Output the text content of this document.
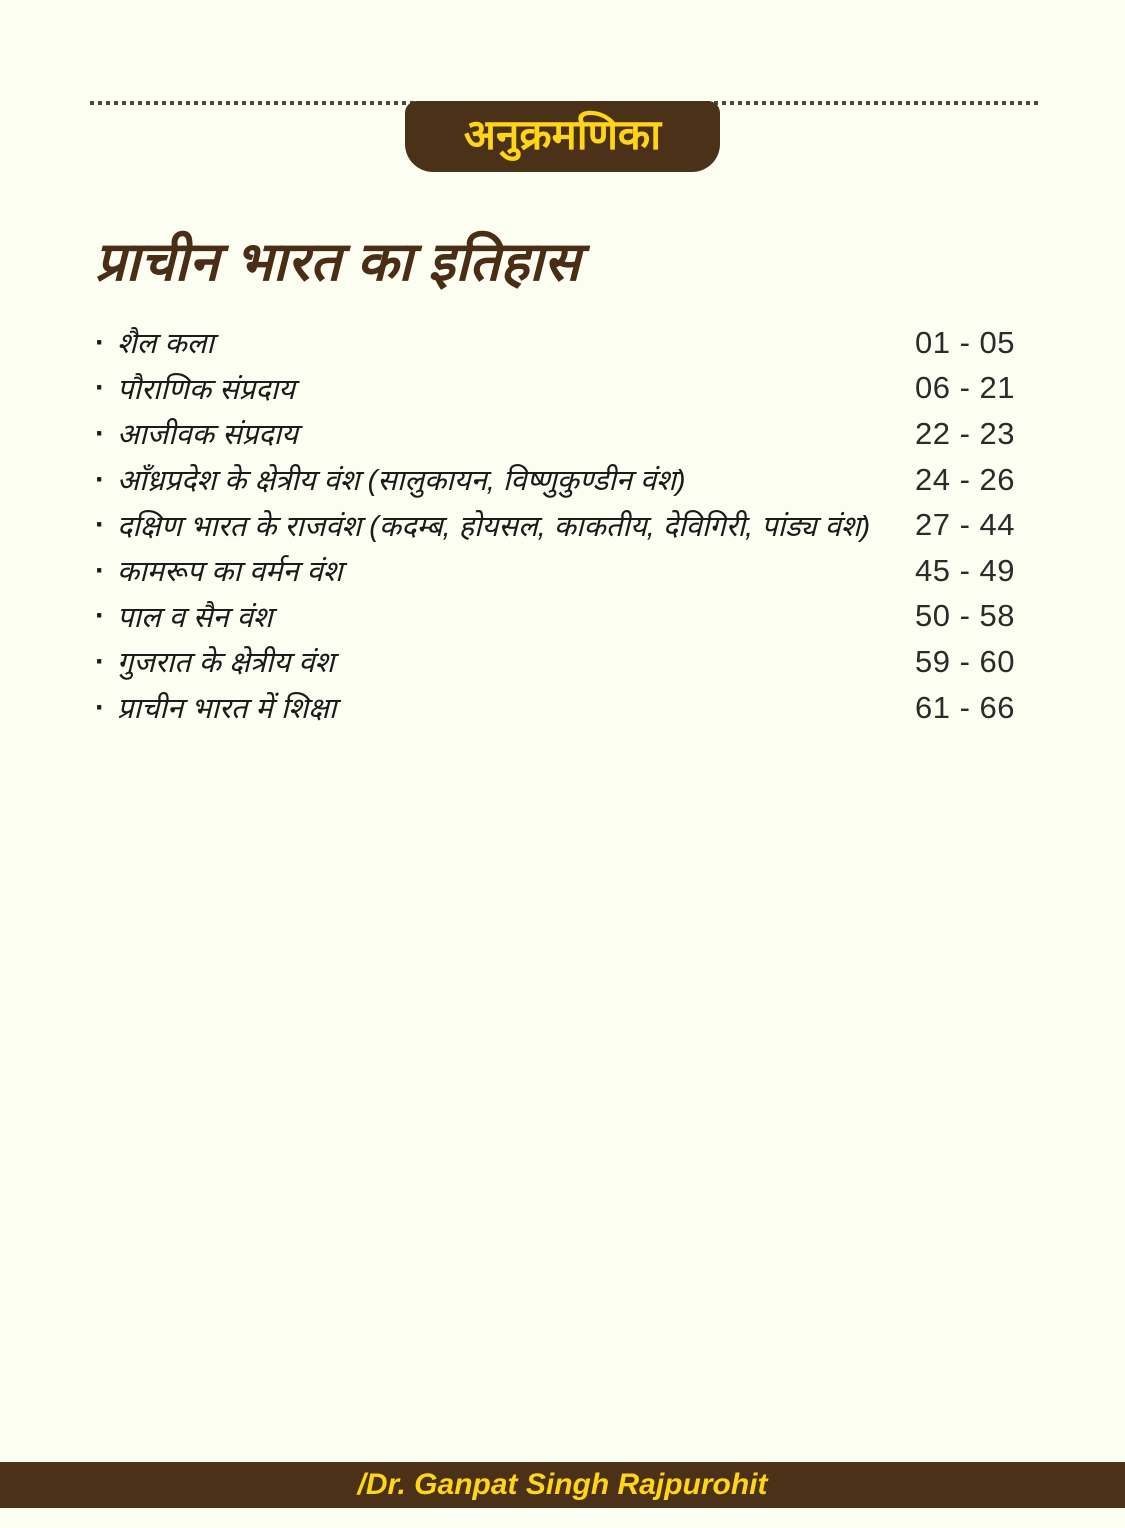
अनुक्रमणिका
प्राचीन भारत का इतिहास
· शैल कला	01 - 05
· पौराणिक संप्रदाय	06 - 21
· आजीवक संप्रदाय	22 - 23
· आँध्रप्रदेश के क्षेत्रीय वंश (सालुकायन, विष्णुकुण्डीन वंश)	24 - 26
· दक्षिण भारत के राजवंश (कदम्ब, होयसल, काकतीय, देविगिरी, पांड्य वंश) 27 - 44
· कामरूप का वर्मन वंश	45 - 49
· पाल व सैन वंश	50 - 58
· गुजरात के क्षेत्रीय वंश	59 - 60
· प्राचीन भारत में शिक्षा	61 - 66
/Dr. Ganpat Singh Rajpurohit
